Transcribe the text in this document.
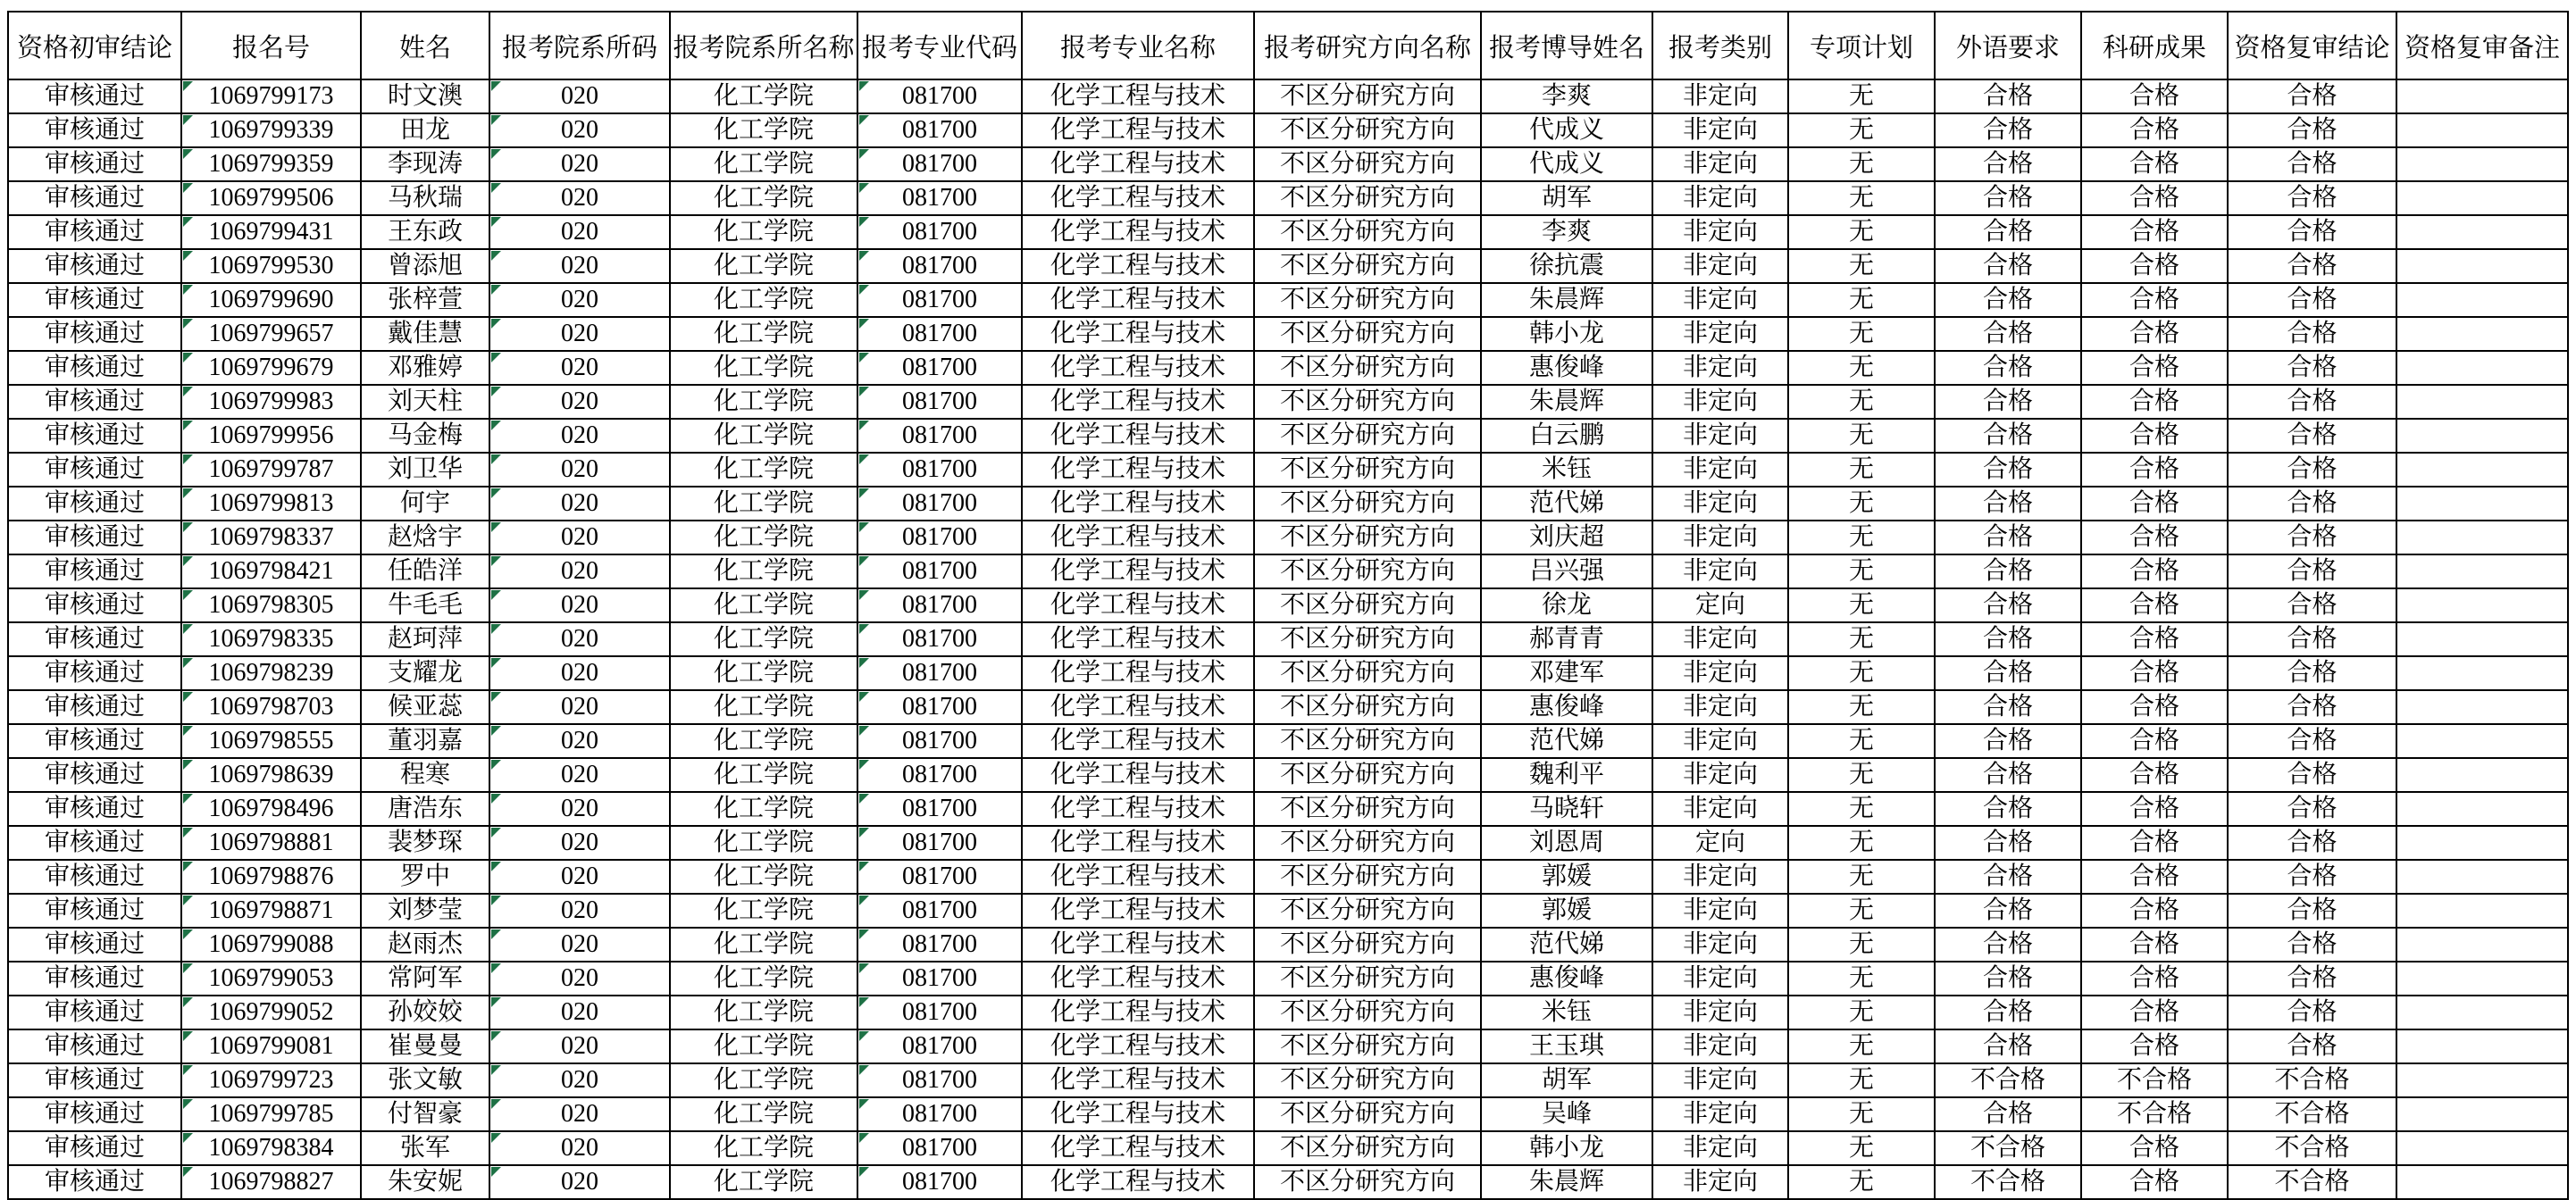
资格初审结论	报名号	姓名	报考院系所码	报考院系所名称	报考专业代码	报考专业名称	报考研究方向名称	报考博导姓名	报考类别	专项计划	外语要求	科研成果	资格复审结论	资格复审备注
审核通过	1069799173	时文澳	020	化工学院	081700	化学工程与技术	不区分研究方向	李爽	非定向	无	合格	合格	合格	
审核通过	1069799339	田龙	020	化工学院	081700	化学工程与技术	不区分研究方向	代成义	非定向	无	合格	合格	合格	
审核通过	1069799359	李现涛	020	化工学院	081700	化学工程与技术	不区分研究方向	代成义	非定向	无	合格	合格	合格	
审核通过	1069799506	马秋瑞	020	化工学院	081700	化学工程与技术	不区分研究方向	胡军	非定向	无	合格	合格	合格	
审核通过	1069799431	王东政	020	化工学院	081700	化学工程与技术	不区分研究方向	李爽	非定向	无	合格	合格	合格	
审核通过	1069799530	曾添旭	020	化工学院	081700	化学工程与技术	不区分研究方向	徐抗震	非定向	无	合格	合格	合格	
审核通过	1069799690	张梓萱	020	化工学院	081700	化学工程与技术	不区分研究方向	朱晨辉	非定向	无	合格	合格	合格	
审核通过	1069799657	戴佳慧	020	化工学院	081700	化学工程与技术	不区分研究方向	韩小龙	非定向	无	合格	合格	合格	
审核通过	1069799679	邓雅婷	020	化工学院	081700	化学工程与技术	不区分研究方向	惠俊峰	非定向	无	合格	合格	合格	
审核通过	1069799983	刘天柱	020	化工学院	081700	化学工程与技术	不区分研究方向	朱晨辉	非定向	无	合格	合格	合格	
审核通过	1069799956	马金梅	020	化工学院	081700	化学工程与技术	不区分研究方向	白云鹏	非定向	无	合格	合格	合格	
审核通过	1069799787	刘卫华	020	化工学院	081700	化学工程与技术	不区分研究方向	米钰	非定向	无	合格	合格	合格	
审核通过	1069799813	何宇	020	化工学院	081700	化学工程与技术	不区分研究方向	范代娣	非定向	无	合格	合格	合格	
审核通过	1069798337	赵焓宇	020	化工学院	081700	化学工程与技术	不区分研究方向	刘庆超	非定向	无	合格	合格	合格	
审核通过	1069798421	任皓洋	020	化工学院	081700	化学工程与技术	不区分研究方向	吕兴强	非定向	无	合格	合格	合格	
审核通过	1069798305	牛毛毛	020	化工学院	081700	化学工程与技术	不区分研究方向	徐龙	定向	无	合格	合格	合格	
审核通过	1069798335	赵珂萍	020	化工学院	081700	化学工程与技术	不区分研究方向	郝青青	非定向	无	合格	合格	合格	
审核通过	1069798239	支耀龙	020	化工学院	081700	化学工程与技术	不区分研究方向	邓建军	非定向	无	合格	合格	合格	
审核通过	1069798703	候亚蕊	020	化工学院	081700	化学工程与技术	不区分研究方向	惠俊峰	非定向	无	合格	合格	合格	
审核通过	1069798555	董羽嘉	020	化工学院	081700	化学工程与技术	不区分研究方向	范代娣	非定向	无	合格	合格	合格	
审核通过	1069798639	程寒	020	化工学院	081700	化学工程与技术	不区分研究方向	魏利平	非定向	无	合格	合格	合格	
审核通过	1069798496	唐浩东	020	化工学院	081700	化学工程与技术	不区分研究方向	马晓轩	非定向	无	合格	合格	合格	
审核通过	1069798881	裴梦琛	020	化工学院	081700	化学工程与技术	不区分研究方向	刘恩周	定向	无	合格	合格	合格	
审核通过	1069798876	罗中	020	化工学院	081700	化学工程与技术	不区分研究方向	郭媛	非定向	无	合格	合格	合格	
审核通过	1069798871	刘梦莹	020	化工学院	081700	化学工程与技术	不区分研究方向	郭媛	非定向	无	合格	合格	合格	
审核通过	1069799088	赵雨杰	020	化工学院	081700	化学工程与技术	不区分研究方向	范代娣	非定向	无	合格	合格	合格	
审核通过	1069799053	常阿军	020	化工学院	081700	化学工程与技术	不区分研究方向	惠俊峰	非定向	无	合格	合格	合格	
审核通过	1069799052	孙姣姣	020	化工学院	081700	化学工程与技术	不区分研究方向	米钰	非定向	无	合格	合格	合格	
审核通过	1069799081	崔曼曼	020	化工学院	081700	化学工程与技术	不区分研究方向	王玉琪	非定向	无	合格	合格	合格	
审核通过	1069799723	张文敏	020	化工学院	081700	化学工程与技术	不区分研究方向	胡军	非定向	无	不合格	不合格	不合格	
审核通过	1069799785	付智豪	020	化工学院	081700	化学工程与技术	不区分研究方向	吴峰	非定向	无	合格	不合格	不合格	
审核通过	1069798384	张军	020	化工学院	081700	化学工程与技术	不区分研究方向	韩小龙	非定向	无	不合格	合格	不合格	
审核通过	1069798827	朱安妮	020	化工学院	081700	化学工程与技术	不区分研究方向	朱晨辉	非定向	无	不合格	合格	不合格	
